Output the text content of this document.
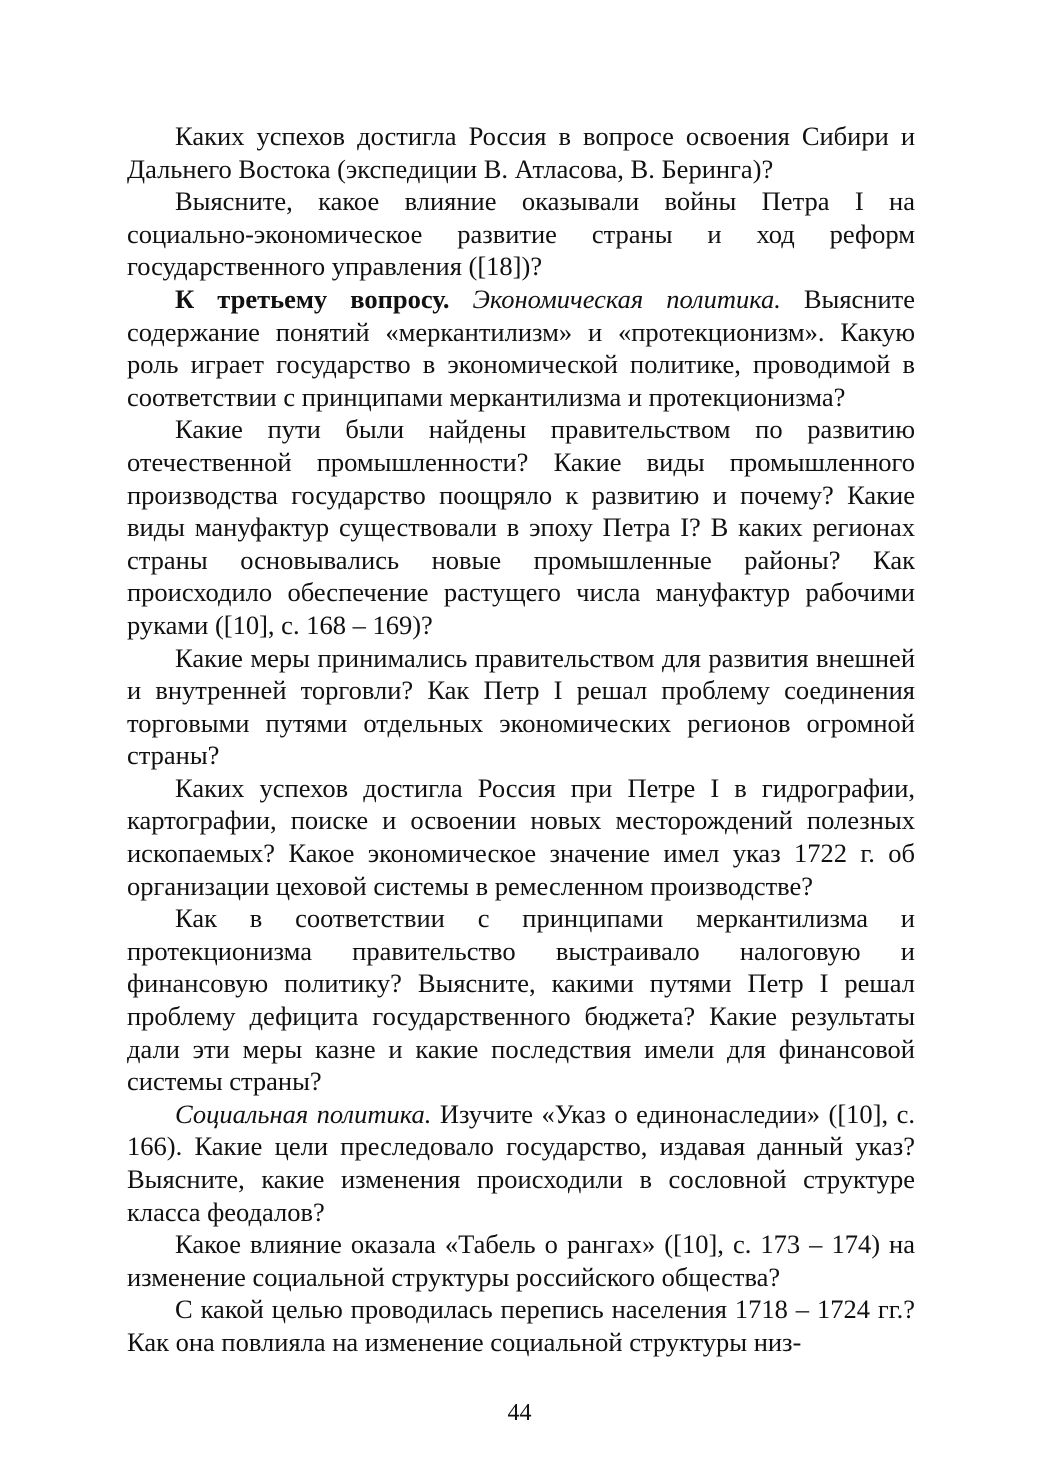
Каких успехов достигла Россия в вопросе освоения Сибири и Дальнего Востока (экспедиции В. Атласова, В. Беринга)?

Выясните, какое влияние оказывали войны Петра I на социально-экономическое развитие страны и ход реформ государственного управления ([18])?

К третьему вопросу. Экономическая политика. Выясните содержание понятий «меркантилизм» и «протекционизм». Какую роль играет государство в экономической политике, проводимой в соответствии с принципами меркантилизма и протекционизма?

Какие пути были найдены правительством по развитию отечественной промышленности? Какие виды промышленного производства государство поощряло к развитию и почему? Какие виды мануфактур существовали в эпоху Петра I? В каких регионах страны основывались новые промышленные районы? Как происходило обеспечение растущего числа мануфактур рабочими руками ([10], с. 168 – 169)?

Какие меры принимались правительством для развития внешней и внутренней торговли? Как Петр I решал проблему соединения торговыми путями отдельных экономических регионов огромной страны?

Каких успехов достигла Россия при Петре I в гидрографии, картографии, поиске и освоении новых месторождений полезных ископаемых? Какое экономическое значение имел указ 1722 г. об организации цеховой системы в ремесленном производстве?

Как в соответствии с принципами меркантилизма и протекционизма правительство выстраивало налоговую и финансовую политику? Выясните, какими путями Петр I решал проблему дефицита государственного бюджета? Какие результаты дали эти меры казне и какие последствия имели для финансовой системы страны?

Социальная политика. Изучите «Указ о единонаследии» ([10], с. 166). Какие цели преследовало государство, издавая данный указ? Выясните, какие изменения происходили в сословной структуре класса феодалов?

Какое влияние оказала «Табель о рангах» ([10], с. 173 – 174) на изменение социальной структуры российского общества?

С какой целью проводилась перепись населения 1718 – 1724 гг.? Как она повлияла на изменение социальной структуры низ-

44
